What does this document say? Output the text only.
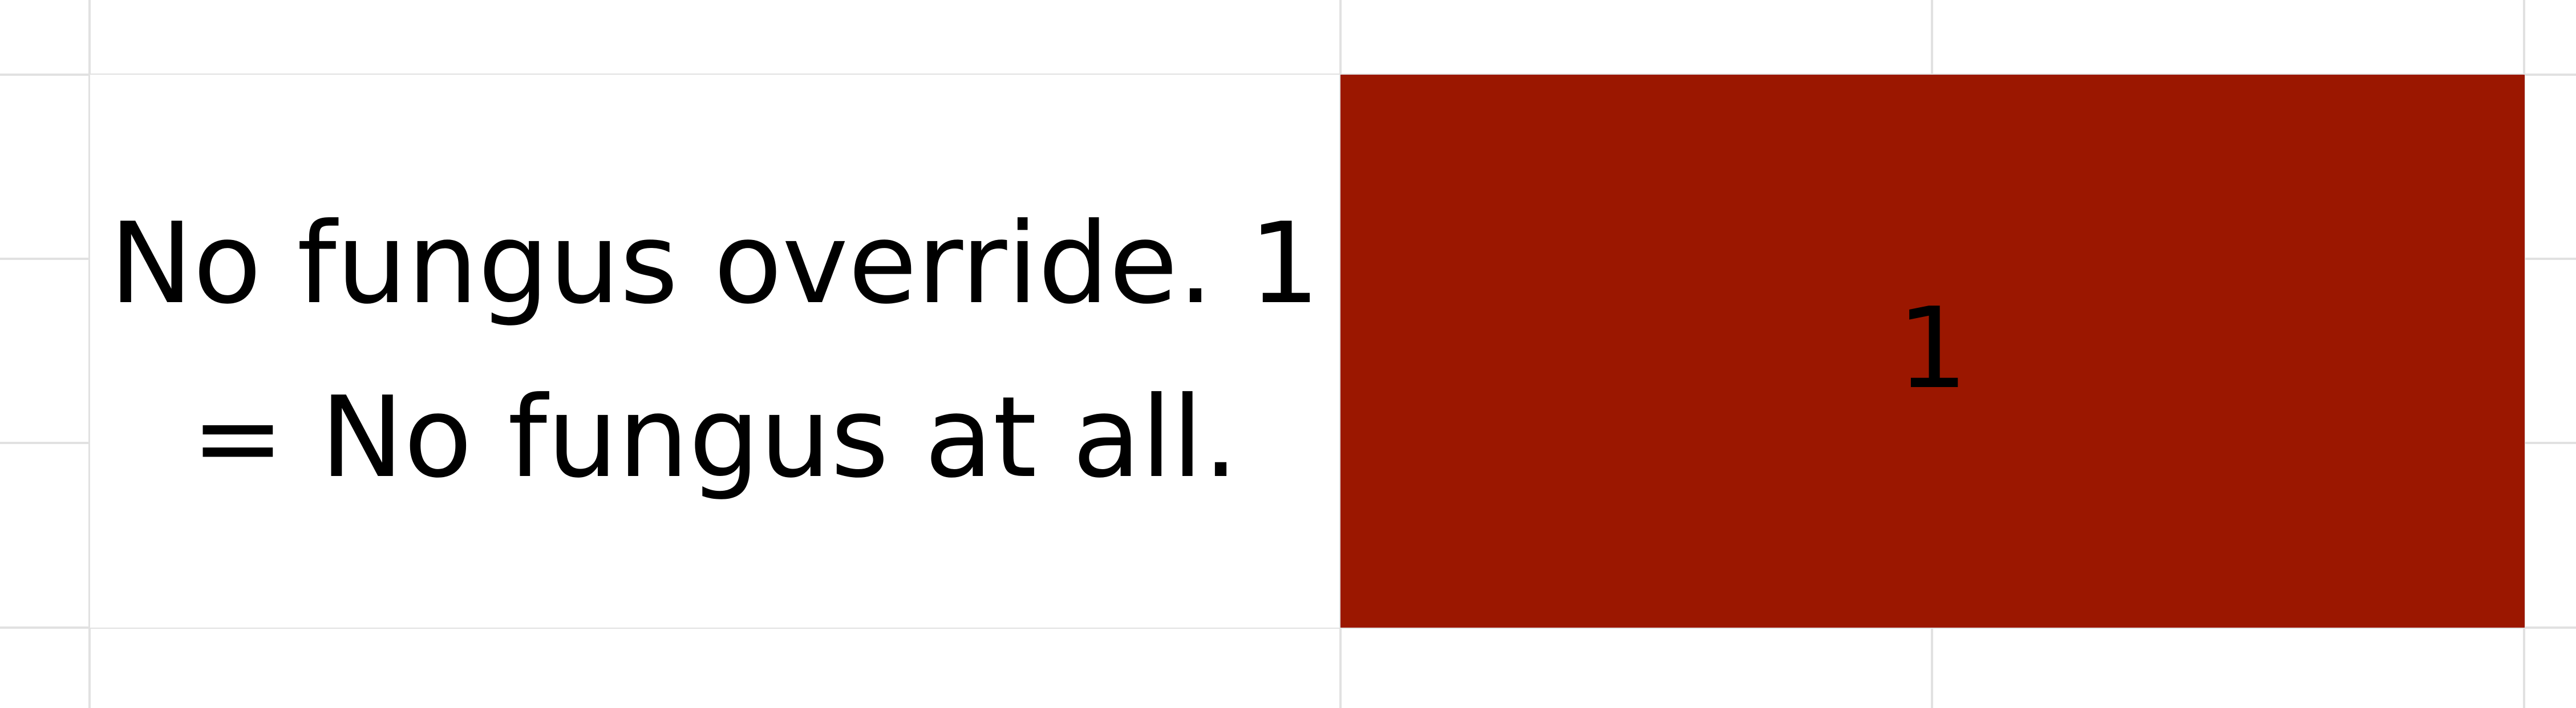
No fungus override. 1 = No fungus at all.
1
